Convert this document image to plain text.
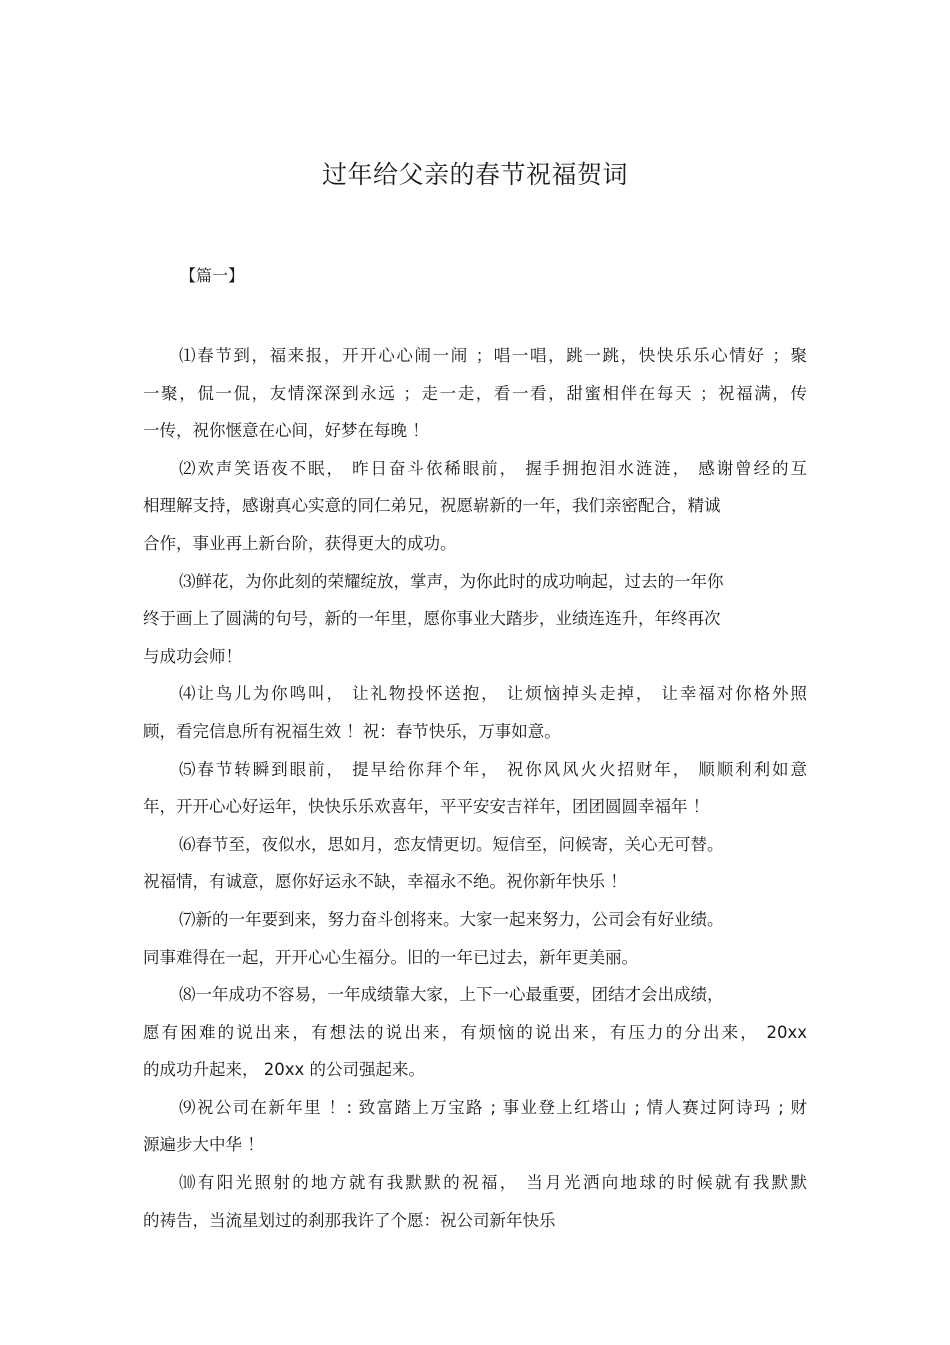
过年给父亲的春节祝福贺词
【篇一】
⑴春节到，福来报，开开心心闹一闹 ；唱一唱，跳一跳，快快乐乐心情好 ；聚
一聚，侃一侃，友情深深到永远 ；走一走，看一看，甜蜜相伴在每天 ；祝福满，传
一传，祝你惬意在心间，好梦在每晚 ！
⑵欢声笑语夜不眠， 昨日奋斗依稀眼前， 握手拥抱泪水涟涟， 感谢曾经的互
相理解支持，感谢真心实意的同仁弟兄，祝愿崭新的一年，我们亲密配合，精诚
合作，事业再上新台阶，获得更大的成功。
⑶鲜花，为你此刻的荣耀绽放，掌声，为你此时的成功响起，过去的一年你
终于画上了圆满的句号，新的一年里，愿你事业大踏步，业绩连连升，年终再次
与成功会师！
⑷让鸟儿为你鸣叫， 让礼物投怀送抱， 让烦恼掉头走掉， 让幸福对你格外照
顾，看完信息所有祝福生效 ！祝：春节快乐，万事如意。
⑸春节转瞬到眼前， 提早给你拜个年， 祝你风风火火招财年， 顺顺利利如意
年，开开心心好运年，快快乐乐欢喜年，平平安安吉祥年，团团圆圆幸福年 ！
⑹春节至，夜似水，思如月，恋友情更切。短信至，问候寄，关心无可替。
祝福情，有诚意，愿你好运永不缺，幸福永不绝。祝你新年快乐 ！
⑺新的一年要到来，努力奋斗创将来。大家一起来努力，公司会有好业绩。
同事难得在一起，开开心心生福分。旧的一年已过去，新年更美丽。
⑻一年成功不容易，一年成绩靠大家，上下一心最重要，团结才会出成绩，
愿有困难的说出来，有想法的说出来，有烦恼的说出来，有压力的分出来， 20xx
的成功升起来， 20xx 的公司强起来。
⑼祝公司在新年里 ！: 致富踏上万宝路 ; 事业登上红塔山 ; 情人赛过阿诗玛 ; 财
源遍步大中华 ！
⑽有阳光照射的地方就有我默默的祝福， 当月光洒向地球的时候就有我默默
的祷告，当流星划过的刹那我许了个愿：祝公司新年快乐
